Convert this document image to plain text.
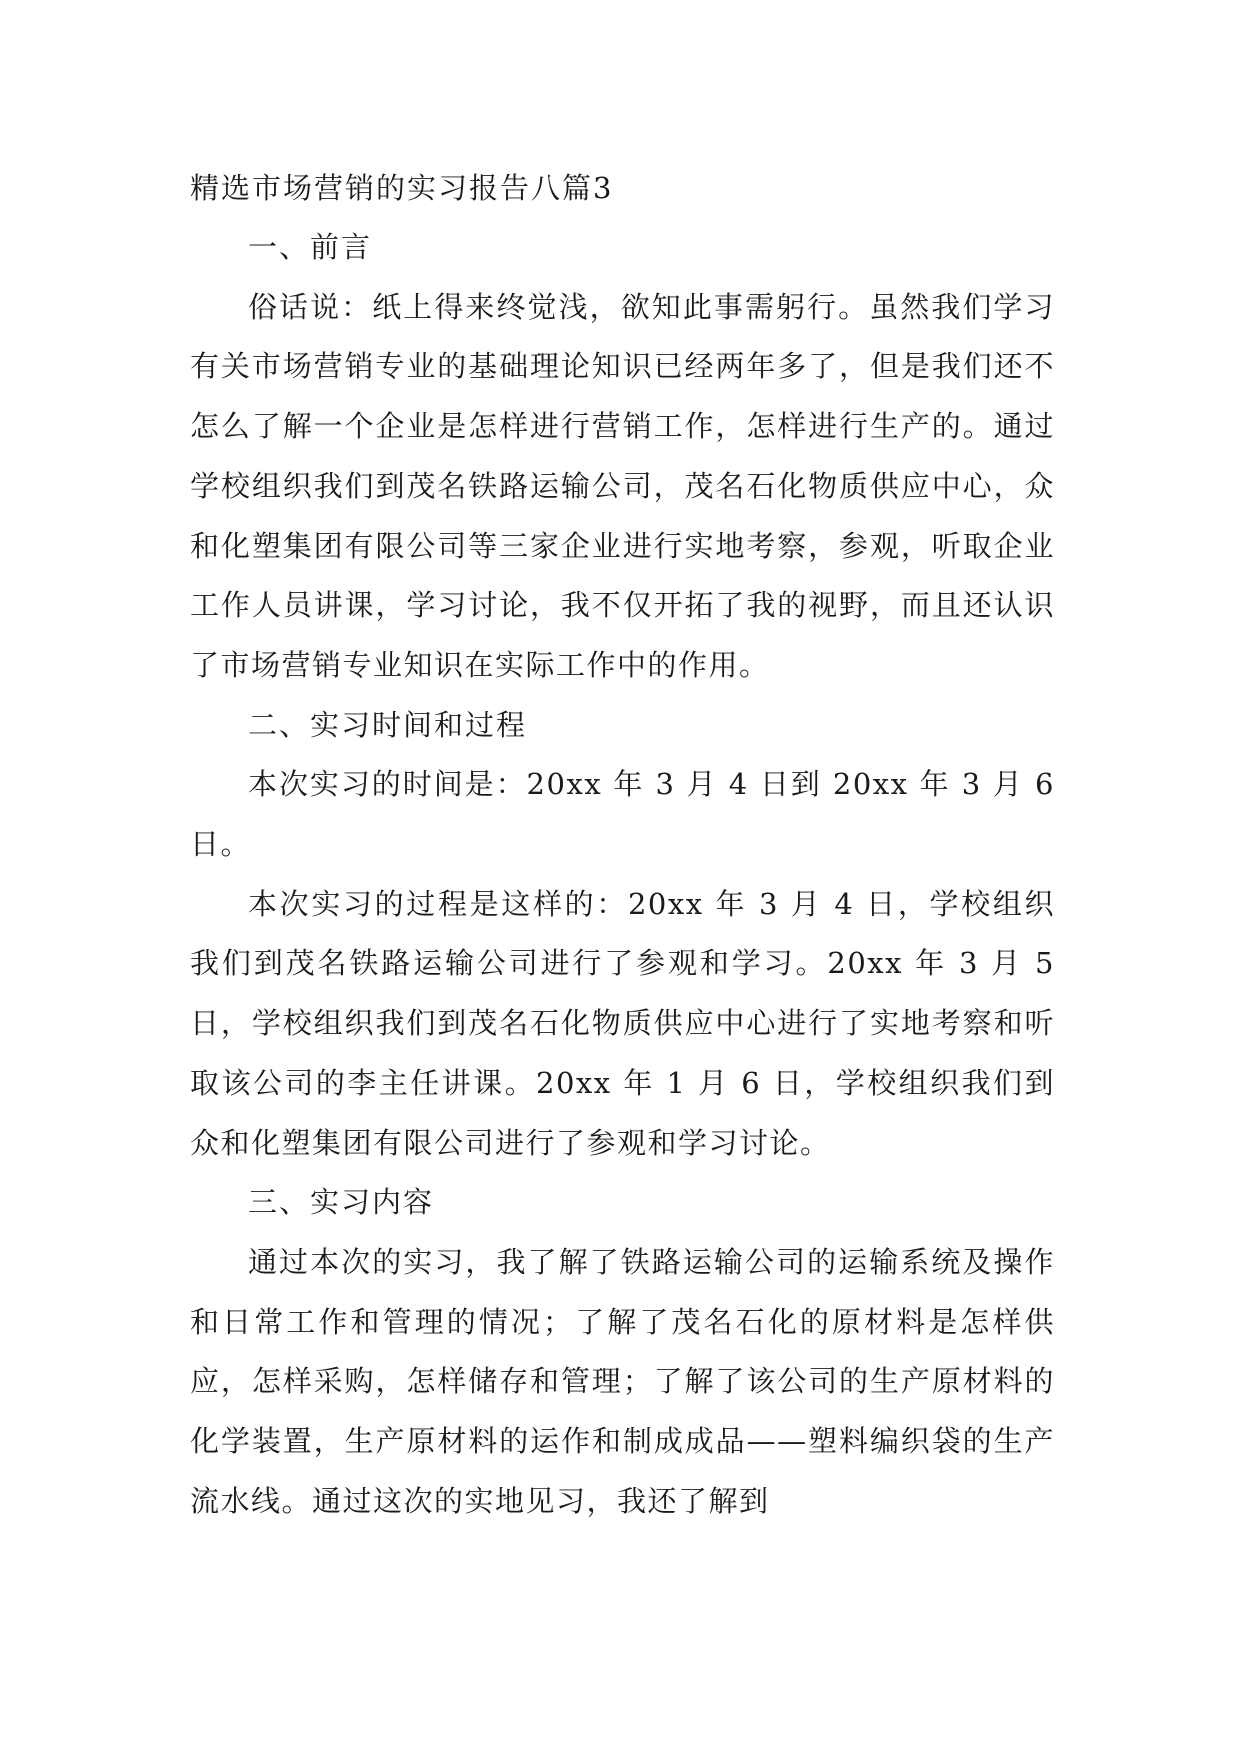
精选市场营销的实习报告八篇3
一、前言

俗话说：纸上得来终觉浅，欲知此事需躬行。虽然我们学习有关市场营销专业的基础理论知识已经两年多了，但是我们还不怎么了解一个企业是怎样进行营销工作，怎样进行生产的。通过学校组织我们到茂名铁路运输公司，茂名石化物质供应中心，众和化塑集团有限公司等三家企业进行实地考察，参观，听取企业工作人员讲课，学习讨论，我不仅开拓了我的视野，而且还认识了市场营销专业知识在实际工作中的作用。

二、实习时间和过程

本次实习的时间是：20xx 年 3 月 4 日到 20xx 年 3 月 6 日。

本次实习的过程是这样的：20xx 年 3 月 4 日，学校组织我们到茂名铁路运输公司进行了参观和学习。20xx 年 3 月 5 日，学校组织我们到茂名石化物质供应中心进行了实地考察和听取该公司的李主任讲课。20xx 年 1 月 6 日，学校组织我们到众和化塑集团有限公司进行了参观和学习讨论。

三、实习内容

通过本次的实习，我了解了铁路运输公司的运输系统及操作和日常工作和管理的情况；了解了茂名石化的原材料是怎样供应，怎样采购，怎样储存和管理；了解了该公司的生产原材料的化学装置，生产原材料的运作和制成成品——塑料编织袋的生产流水线。通过这次的实地见习，我还了解到
